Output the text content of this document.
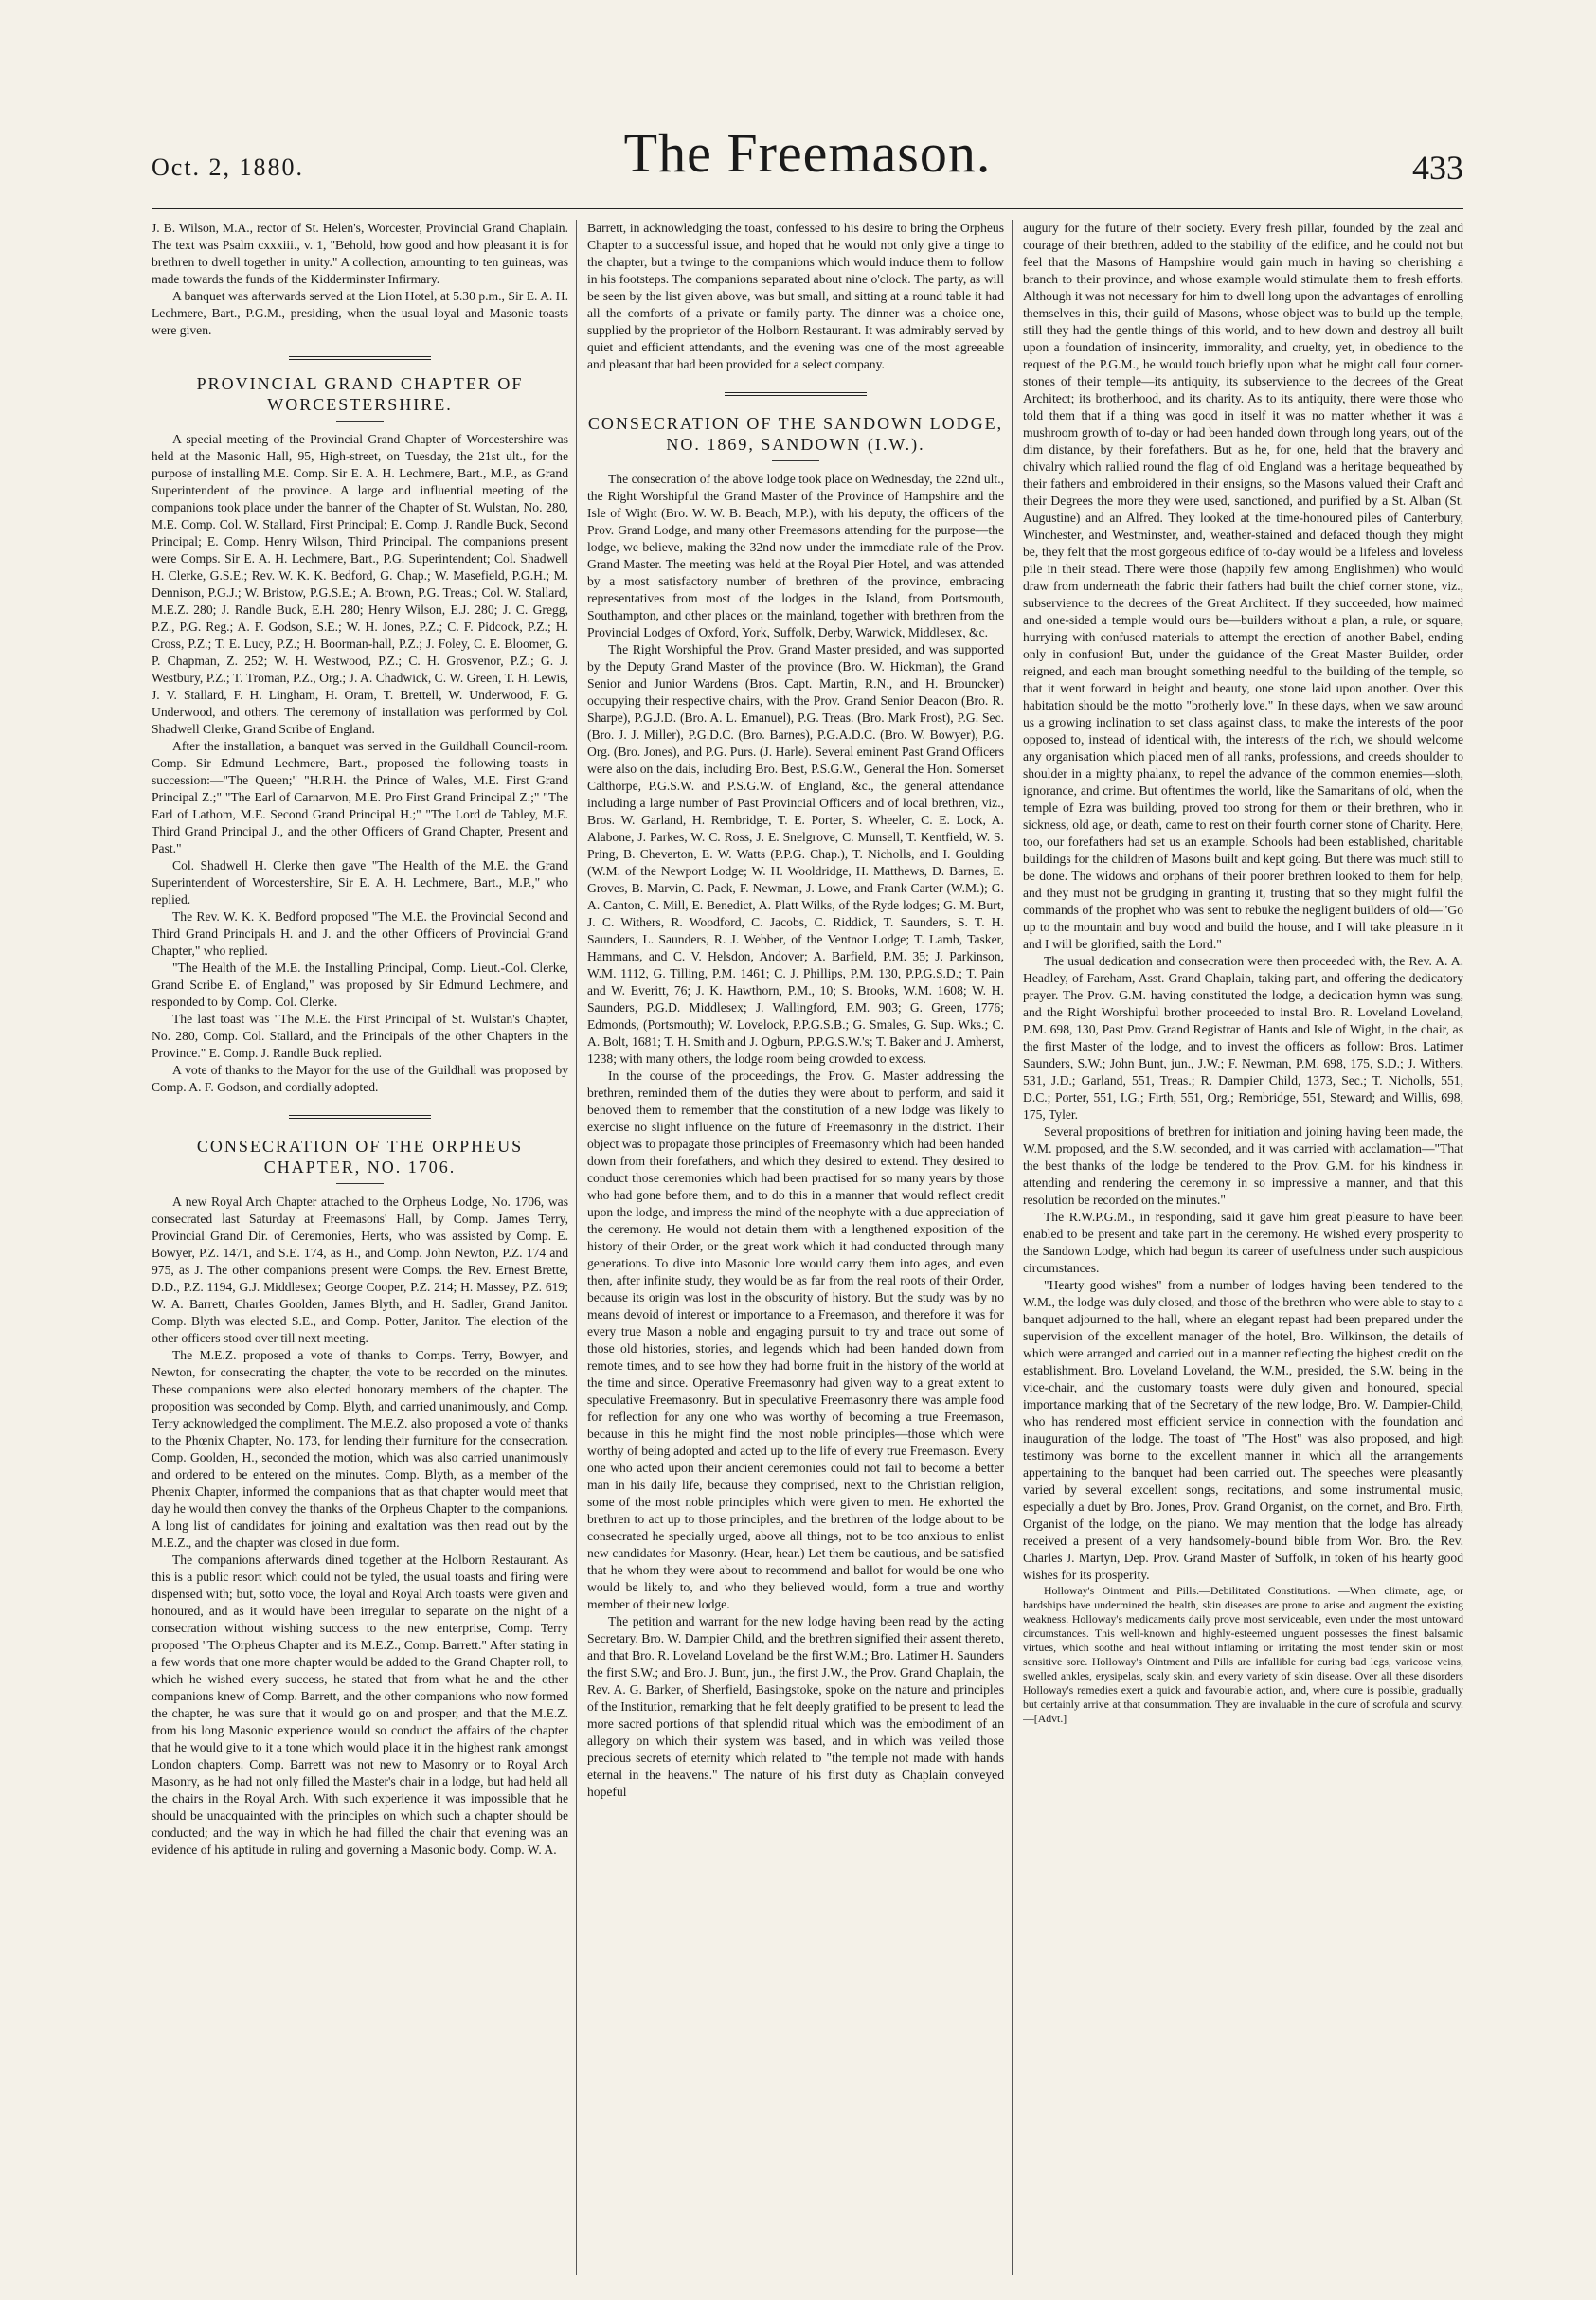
Oct. 2, 1880.	The Freemason.	433

J. B. Wilson, M.A., rector of St. Helen's, Worcester, Provincial Grand Chaplain. The text was Psalm cxxxiii., v. 1, "Behold, how good and how pleasant it is for brethren to dwell together in unity." A collection, amounting to ten guineas, was made towards the funds of the Kidderminster Infirmary.

A banquet was afterwards served at the Lion Hotel, at 5.30 p.m., Sir E. A. H. Lechmere, Bart., P.G.M., presiding, when the usual loyal and Masonic toasts were given.

PROVINCIAL GRAND CHAPTER OF WORCESTERSHIRE.

A special meeting of the Provincial Grand Chapter of Worcestershire was held at the Masonic Hall, 95, High-street, on Tuesday, the 21st ult., for the purpose of installing M.E. Comp. Sir E. A. H. Lechmere, Bart., M.P., as Grand Superintendent of the province. A large and influential meeting of the companions took place under the banner of the Chapter of St. Wulstan, No. 280, M.E. Comp. Col. W. Stallard, First Principal; E. Comp. J. Randle Buck, Second Principal; E. Comp. Henry Wilson, Third Principal. The companions present were Comps. Sir E. A. H. Lechmere, Bart., P.G. Superintendent; Col. Shadwell H. Clerke, G.S.E.; Rev. W. K. K. Bedford, G. Chap.; W. Masefield, P.G.H.; M. Dennison, P.G.J.; W. Bristow, P.G.S.E.; A. Brown, P.G. Treas.; Col. W. Stallard, M.E.Z. 280; J. Randle Buck, E.H. 280; Henry Wilson, E.J. 280; J. C. Gregg, P.Z., P.G. Reg.; A. F. Godson, S.E.; W. H. Jones, P.Z.; C. F. Pidcock, P.Z.; H. Cross, P.Z.; T. E. Lucy, P.Z.; H. Boorman-hall, P.Z.; J. Foley, C. E. Bloomer, G. P. Chapman, Z. 252; W. H. Westwood, P.Z.; C. H. Grosvenor, P.Z.; G. J. Westbury, P.Z.; T. Troman, P.Z., Org.; J. A. Chadwick, C. W. Green, T. H. Lewis, J. V. Stallard, F. H. Lingham, H. Oram, T. Brettell, W. Underwood, F. G. Underwood, and others. The ceremony of installation was performed by Col. Shadwell Clerke, Grand Scribe of England.

After the installation, a banquet was served in the Guildhall Council-room. Comp. Sir Edmund Lechmere, Bart., proposed the following toasts in succession:—"The Queen;" "H.R.H. the Prince of Wales, M.E. First Grand Principal Z.;" "The Earl of Carnarvon, M.E. Pro First Grand Principal Z.;" "The Earl of Lathom, M.E. Second Grand Principal H.;" "The Lord de Tabley, M.E. Third Grand Principal J., and the other Officers of Grand Chapter, Present and Past."

Col. Shadwell H. Clerke then gave "The Health of the M.E. the Grand Superintendent of Worcestershire, Sir E. A. H. Lechmere, Bart., M.P.," who replied.

The Rev. W. K. K. Bedford proposed "The M.E. the Provincial Second and Third Grand Principals H. and J. and the other Officers of Provincial Grand Chapter," who replied.

"The Health of the M.E. the Installing Principal, Comp. Lieut.-Col. Clerke, Grand Scribe E. of England," was proposed by Sir Edmund Lechmere, and responded to by Comp. Col. Clerke.

The last toast was "The M.E. the First Principal of St. Wulstan's Chapter, No. 280, Comp. Col. Stallard, and the Principals of the other Chapters in the Province." E. Comp. J. Randle Buck replied.

A vote of thanks to the Mayor for the use of the Guildhall was proposed by Comp. A. F. Godson, and cordially adopted.

CONSECRATION OF THE ORPHEUS CHAPTER, NO. 1706.

A new Royal Arch Chapter attached to the Orpheus Lodge, No. 1706, was consecrated last Saturday at Freemasons' Hall, by Comp. James Terry, Provincial Grand Dir. of Ceremonies, Herts, who was assisted by Comp. E. Bowyer, P.Z. 1471, and S.E. 174, as H., and Comp. John Newton, P.Z. 174 and 975, as J. The other companions present were Comps. the Rev. Ernest Brette, D.D., P.Z. 1194, G.J. Middlesex; George Cooper, P.Z. 214; H. Massey, P.Z. 619; W. A. Barrett, Charles Goolden, James Blyth, and H. Sadler, Grand Janitor. Comp. Blyth was elected S.E., and Comp. Potter, Janitor. The election of the other officers stood over till next meeting.

The M.E.Z. proposed a vote of thanks to Comps. Terry, Bowyer, and Newton, for consecrating the chapter, the vote to be recorded on the minutes. These companions were also elected honorary members of the chapter. The proposition was seconded by Comp. Blyth, and carried unanimously, and Comp. Terry acknowledged the compliment. The M.E.Z. also proposed a vote of thanks to the Phœnix Chapter, No. 173, for lending their furniture for the consecration. Comp. Goolden, H., seconded the motion, which was also carried unanimously and ordered to be entered on the minutes. Comp. Blyth, as a member of the Phœnix Chapter, informed the companions that as that chapter would meet that day he would then convey the thanks of the Orpheus Chapter to the companions. A long list of candidates for joining and exaltation was then read out by the M.E.Z., and the chapter was closed in due form.

The companions afterwards dined together at the Holborn Restaurant. As this is a public resort which could not be tyled, the usual toasts and firing were dispensed with; but, sotto voce, the loyal and Royal Arch toasts were given and honoured, and as it would have been irregular to separate on the night of a consecration without wishing success to the new enterprise, Comp. Terry proposed "The Orpheus Chapter and its M.E.Z., Comp. Barrett." After stating in a few words that one more chapter would be added to the Grand Chapter roll, to which he wished every success, he stated that from what he and the other companions knew of Comp. Barrett, and the other companions who now formed the chapter, he was sure that it would go on and prosper, and that the M.E.Z. from his long Masonic experience would so conduct the affairs of the chapter that he would give to it a tone which would place it in the highest rank amongst London chapters. Comp. Barrett was not new to Masonry or to Royal Arch Masonry, as he had not only filled the Master's chair in a lodge, but had held all the chairs in the Royal Arch. With such experience it was impossible that he should be unacquainted with the principles on which such a chapter should be conducted; and the way in which he had filled the chair that evening was an evidence of his aptitude in ruling and governing a Masonic body. Comp. W. A.

Barrett, in acknowledging the toast, confessed to his desire to bring the Orpheus Chapter to a successful issue, and hoped that he would not only give a tinge to the chapter, but a twinge to the companions which would induce them to follow in his footsteps. The companions separated about nine o'clock. The party, as will be seen by the list given above, was but small, and sitting at a round table it had all the comforts of a private or family party. The dinner was a choice one, supplied by the proprietor of the Holborn Restaurant. It was admirably served by quiet and efficient attendants, and the evening was one of the most agreeable and pleasant that had been provided for a select company.

CONSECRATION OF THE SANDOWN LODGE, NO. 1869, SANDOWN (I.W.).

The consecration of the above lodge took place on Wednesday, the 22nd ult., the Right Worshipful the Grand Master of the Province of Hampshire and the Isle of Wight (Bro. W. W. B. Beach, M.P.), with his deputy, the officers of the Prov. Grand Lodge, and many other Freemasons attending for the purpose—the lodge, we believe, making the 32nd now under the immediate rule of the Prov. Grand Master. The meeting was held at the Royal Pier Hotel, and was attended by a most satisfactory number of brethren of the province, embracing representatives from most of the lodges in the Island, from Portsmouth, Southampton, and other places on the mainland, together with brethren from the Provincial Lodges of Oxford, York, Suffolk, Derby, Warwick, Middlesex, &c.

The Right Worshipful the Prov. Grand Master presided, and was supported by the Deputy Grand Master of the province (Bro. W. Hickman), the Grand Senior and Junior Wardens (Bros. Capt. Martin, R.N., and H. Brouncker) occupying their respective chairs, with the Prov. Grand Senior Deacon (Bro. R. Sharpe), P.G.J.D. (Bro. A. L. Emanuel), P.G. Treas. (Bro. Mark Frost), P.G. Sec. (Bro. J. J. Miller), P.G.D.C. (Bro. Barnes), P.G.A.D.C. (Bro. W. Bowyer), P.G. Org. (Bro. Jones), and P.G. Purs. (J. Harle). Several eminent Past Grand Officers were also on the dais, including Bro. Best, P.S.G.W., General the Hon. Somerset Calthorpe, P.G.S.W. and P.S.G.W. of England, &c., the general attendance including a large number of Past Provincial Officers and of local brethren, viz., Bros. W. Garland, H. Rembridge, T. E. Porter, S. Wheeler, C. E. Lock, A. Alabone, J. Parkes, W. C. Ross, J. E. Snelgrove, C. Munsell, T. Kentfield, W. S. Pring, B. Cheverton, E. W. Watts (P.P.G. Chap.), T. Nicholls, and I. Goulding (W.M. of the Newport Lodge; W. H. Wooldridge, H. Matthews, D. Barnes, E. Groves, B. Marvin, C. Pack, F. Newman, J. Lowe, and Frank Carter (W.M.); G. A. Canton, C. Mill, E. Benedict, A. Platt Wilks, of the Ryde lodges; G. M. Burt, J. C. Withers, R. Woodford, C. Jacobs, C. Riddick, T. Saunders, S. T. H. Saunders, L. Saunders, R. J. Webber, of the Ventnor Lodge; T. Lamb, Tasker, Hammans, and C. V. Helsdon, Andover; A. Barfield, P.M. 35; J. Parkinson, W.M. 1112, G. Tilling, P.M. 1461; C. J. Phillips, P.M. 130, P.P.G.S.D.; T. Pain and W. Everitt, 76; J. K. Hawthorn, P.M., 10; S. Brooks, W.M. 1608; W. H. Saunders, P.G.D. Middlesex; J. Wallingford, P.M. 903; G. Green, 1776; Edmonds, (Portsmouth); W. Lovelock, P.P.G.S.B.; G. Smales, G. Sup. Wks.; C. A. Bolt, 1681; T. H. Smith and J. Ogburn, P.P.G.S.W.'s; T. Baker and J. Amherst, 1238; with many others, the lodge room being crowded to excess.

In the course of the proceedings, the Prov. G. Master addressing the brethren, reminded them of the duties they were about to perform, and said it behoved them to remember that the constitution of a new lodge was likely to exercise no slight influence on the future of Freemasonry in the district. Their object was to propagate those principles of Freemasonry which had been handed down from their forefathers, and which they desired to extend. They desired to conduct those ceremonies which had been practised for so many years by those who had gone before them, and to do this in a manner that would reflect credit upon the lodge, and impress the mind of the neophyte with a due appreciation of the ceremony. He would not detain them with a lengthened exposition of the history of their Order, or the great work which it had conducted through many generations. To dive into Masonic lore would carry them into ages, and even then, after infinite study, they would be as far from the real roots of their Order, because its origin was lost in the obscurity of history. But the study was by no means devoid of interest or importance to a Freemason, and therefore it was for every true Mason a noble and engaging pursuit to try and trace out some of those old histories, stories, and legends which had been handed down from remote times, and to see how they had borne fruit in the history of the world at the time and since. Operative Freemasonry had given way to a great extent to speculative Freemasonry. But in speculative Freemasonry there was ample food for reflection for any one who was worthy of becoming a true Freemason, because in this he might find the most noble principles—those which were worthy of being adopted and acted up to the life of every true Freemason. Every one who acted upon their ancient ceremonies could not fail to become a better man in his daily life, because they comprised, next to the Christian religion, some of the most noble principles which were given to men. He exhorted the brethren to act up to those principles, and the brethren of the lodge about to be consecrated he specially urged, above all things, not to be too anxious to enlist new candidates for Masonry. (Hear, hear.) Let them be cautious, and be satisfied that he whom they were about to recommend and ballot for would be one who would be likely to, and who they believed would, form a true and worthy member of their new lodge.

The petition and warrant for the new lodge having been read by the acting Secretary, Bro. W. Dampier Child, and the brethren signified their assent thereto, and that Bro. R. Loveland Loveland be the first W.M.; Bro. Latimer H. Saunders the first S.W.; and Bro. J. Bunt, jun., the first J.W., the Prov. Grand Chaplain, the Rev. A. G. Barker, of Sherfield, Basingstoke, spoke on the nature and principles of the Institution, remarking that he felt deeply gratified to be present to lead the more sacred portions of that splendid ritual which was the embodiment of an allegory on which their system was based, and in which was veiled those precious secrets of eternity which related to "the temple not made with hands eternal in the heavens." The nature of his first duty as Chaplain conveyed hopeful

augury for the future of their society. Every fresh pillar, founded by the zeal and courage of their brethren, added to the stability of the edifice, and he could not but feel that the Masons of Hampshire would gain much in having so cherishing a branch to their province, and whose example would stimulate them to fresh efforts. Although it was not necessary for him to dwell long upon the advantages of enrolling themselves in this, their guild of Masons, whose object was to build up the temple, still they had the gentle things of this world, and to hew down and destroy all built upon a foundation of insincerity, immorality, and cruelty, yet, in obedience to the request of the P.G.M., he would touch briefly upon what he might call four corner-stones of their temple—its antiquity, its subservience to the decrees of the Great Architect; its brotherhood, and its charity. As to its antiquity, there were those who told them that if a thing was good in itself it was no matter whether it was a mushroom growth of to-day or had been handed down through long years, out of the dim distance, by their forefathers. But as he, for one, held that the bravery and chivalry which rallied round the flag of old England was a heritage bequeathed by their fathers and embroidered in their ensigns, so the Masons valued their Craft and their Degrees the more they were used, sanctioned, and purified by a St. Alban (St. Augustine) and an Alfred. They looked at the time-honoured piles of Canterbury, Winchester, and Westminster, and, weather-stained and defaced though they might be, they felt that the most gorgeous edifice of to-day would be a lifeless and loveless pile in their stead. There were those (happily few among Englishmen) who would draw from underneath the fabric their fathers had built the chief corner stone, viz., subservience to the decrees of the Great Architect. If they succeeded, how maimed and one-sided a temple would ours be—builders without a plan, a rule, or square, hurrying with confused materials to attempt the erection of another Babel, ending only in confusion! But, under the guidance of the Great Master Builder, order reigned, and each man brought something needful to the building of the temple, so that it went forward in height and beauty, one stone laid upon another. Over this habitation should be the motto "brotherly love." In these days, when we saw around us a growing inclination to set class against class, to make the interests of the poor opposed to, instead of identical with, the interests of the rich, we should welcome any organisation which placed men of all ranks, professions, and creeds shoulder to shoulder in a mighty phalanx, to repel the advance of the common enemies—sloth, ignorance, and crime. But oftentimes the world, like the Samaritans of old, when the temple of Ezra was building, proved too strong for them or their brethren, who in sickness, old age, or death, came to rest on their fourth corner stone of Charity. Here, too, our forefathers had set us an example. Schools had been established, charitable buildings for the children of Masons built and kept going. But there was much still to be done. The widows and orphans of their poorer brethren looked to them for help, and they must not be grudging in granting it, trusting that so they might fulfil the commands of the prophet who was sent to rebuke the negligent builders of old—"Go up to the mountain and buy wood and build the house, and I will take pleasure in it and I will be glorified, saith the Lord."

The usual dedication and consecration were then proceeded with, the Rev. A. A. Headley, of Fareham, Asst. Grand Chaplain, taking part, and offering the dedicatory prayer. The Prov. G.M. having constituted the lodge, a dedication hymn was sung, and the Right Worshipful brother proceeded to instal Bro. R. Loveland Loveland, P.M. 698, 130, Past Prov. Grand Registrar of Hants and Isle of Wight, in the chair, as the first Master of the lodge, and to invest the officers as follow: Bros. Latimer Saunders, S.W.; John Bunt, jun., J.W.; F. Newman, P.M. 698, 175, S.D.; J. Withers, 531, J.D.; Garland, 551, Treas.; R. Dampier Child, 1373, Sec.; T. Nicholls, 551, D.C.; Porter, 551, I.G.; Firth, 551, Org.; Rembridge, 551, Steward; and Willis, 698, 175, Tyler.

Several propositions of brethren for initiation and joining having been made, the W.M. proposed, and the S.W. seconded, and it was carried with acclamation—"That the best thanks of the lodge be tendered to the Prov. G.M. for his kindness in attending and rendering the ceremony in so impressive a manner, and that this resolution be recorded on the minutes."

The R.W.P.G.M., in responding, said it gave him great pleasure to have been enabled to be present and take part in the ceremony. He wished every prosperity to the Sandown Lodge, which had begun its career of usefulness under such auspicious circumstances.

"Hearty good wishes" from a number of lodges having been tendered to the W.M., the lodge was duly closed, and those of the brethren who were able to stay to a banquet adjourned to the hall, where an elegant repast had been prepared under the supervision of the excellent manager of the hotel, Bro. Wilkinson, the details of which were arranged and carried out in a manner reflecting the highest credit on the establishment. Bro. Loveland Loveland, the W.M., presided, the S.W. being in the vice-chair, and the customary toasts were duly given and honoured, special importance marking that of the Secretary of the new lodge, Bro. W. Dampier-Child, who has rendered most efficient service in connection with the foundation and inauguration of the lodge. The toast of "The Host" was also proposed, and high testimony was borne to the excellent manner in which all the arrangements appertaining to the banquet had been carried out. The speeches were pleasantly varied by several excellent songs, recitations, and some instrumental music, especially a duet by Bro. Jones, Prov. Grand Organist, on the cornet, and Bro. Firth, Organist of the lodge, on the piano. We may mention that the lodge has already received a present of a very handsomely-bound bible from Wor. Bro. the Rev. Charles J. Martyn, Dep. Prov. Grand Master of Suffolk, in token of his hearty good wishes for its prosperity.

Holloway's Ointment and Pills.—Debilitated Constitutions. —When climate, age, or hardships have undermined the health, skin diseases are prone to arise and augment the existing weakness. Holloway's medicaments daily prove most serviceable, even under the most untoward circumstances. This well-known and highly-esteemed unguent possesses the finest balsamic virtues, which soothe and heal without inflaming or irritating the most tender skin or most sensitive sore. Holloway's Ointment and Pills are infallible for curing bad legs, varicose veins, swelled ankles, erysipelas, scaly skin, and every variety of skin disease. Over all these disorders Holloway's remedies exert a quick and favourable action, and, where cure is possible, gradually but certainly arrive at that consummation. They are invaluable in the cure of scrofula and scurvy.—[Advt.]
